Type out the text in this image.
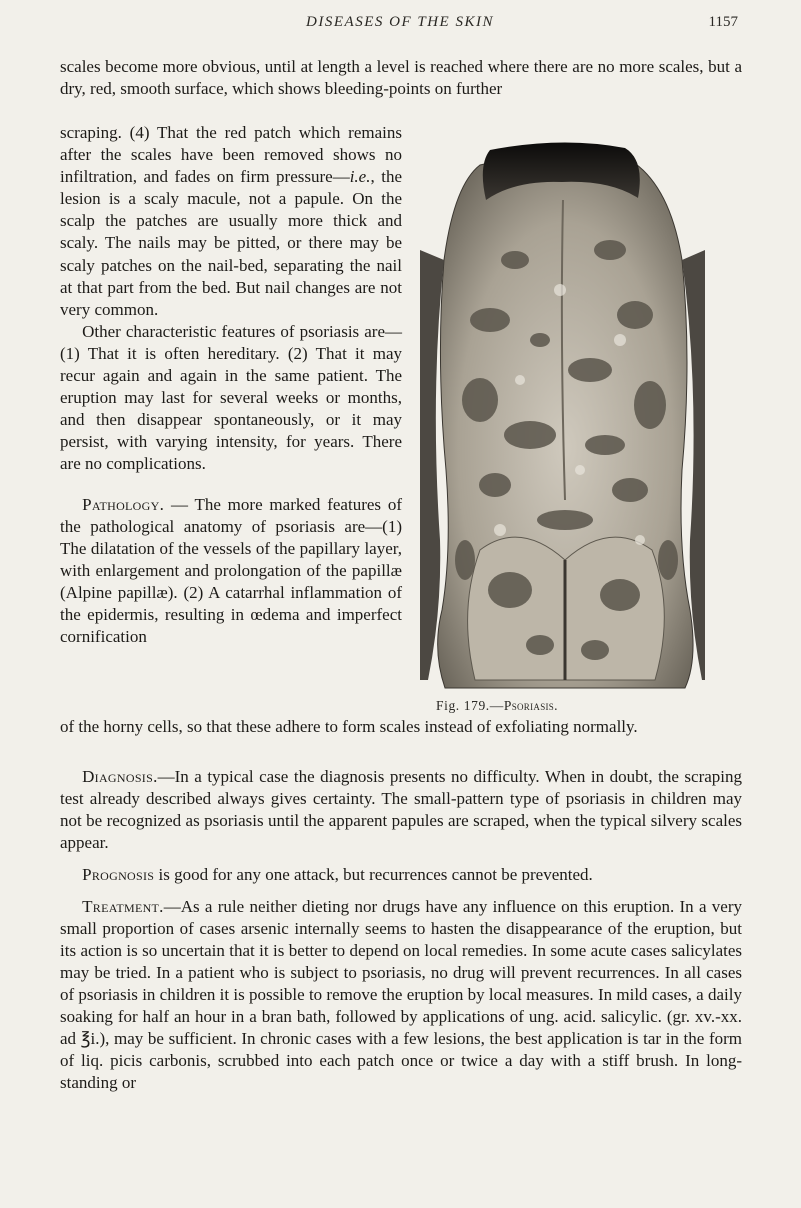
DISEASES OF THE SKIN	1157

scales become more obvious, until at length a level is reached where there are no more scales, but a dry, red, smooth surface, which shows bleeding-points on further

scraping. (4) That the red patch which remains after the scales have been removed shows no infiltration, and fades on firm pressure—i.e., the lesion is a scaly macule, not a papule. On the scalp the patches are usually more thick and scaly. The nails may be pitted, or there may be scaly patches on the nail-bed, separating the nail at that part from the bed. But nail changes are not very common.

Other characteristic features of psoriasis are—(1) That it is often hereditary. (2) That it may recur again and again in the same patient. The eruption may last for several weeks or months, and then disappear spontaneously, or it may persist, with varying intensity, for years. There are no complications.

Pathology. — The more marked features of the pathological anatomy of psoriasis are—(1) The dilatation of the vessels of the papillary layer, with enlargement and prolongation of the papillæ (Alpine papillæ). (2) A catarrhal inflammation of the epidermis, resulting in œdema and imperfect cornification

Fig. 179.—Psoriasis.

of the horny cells, so that these adhere to form scales instead of exfoliating normally.

Diagnosis.—In a typical case the diagnosis presents no difficulty. When in doubt, the scraping test already described always gives certainty. The small-pattern type of psoriasis in children may not be recognized as psoriasis until the apparent papules are scraped, when the typical silvery scales appear.

Prognosis is good for any one attack, but recurrences cannot be prevented.

Treatment.—As a rule neither dieting nor drugs have any influence on this eruption. In a very small proportion of cases arsenic internally seems to hasten the disappearance of the eruption, but its action is so uncertain that it is better to depend on local remedies. In some acute cases salicylates may be tried. In a patient who is subject to psoriasis, no drug will prevent recurrences. In all cases of psoriasis in children it is possible to remove the eruption by local measures. In mild cases, a daily soaking for half an hour in a bran bath, followed by applications of ung. acid. salicylic. (gr. xv.-xx. ad ℥i.), may be sufficient. In chronic cases with a few lesions, the best application is tar in the form of liq. picis carbonis, scrubbed into each patch once or twice a day with a stiff brush. In long-standing or
